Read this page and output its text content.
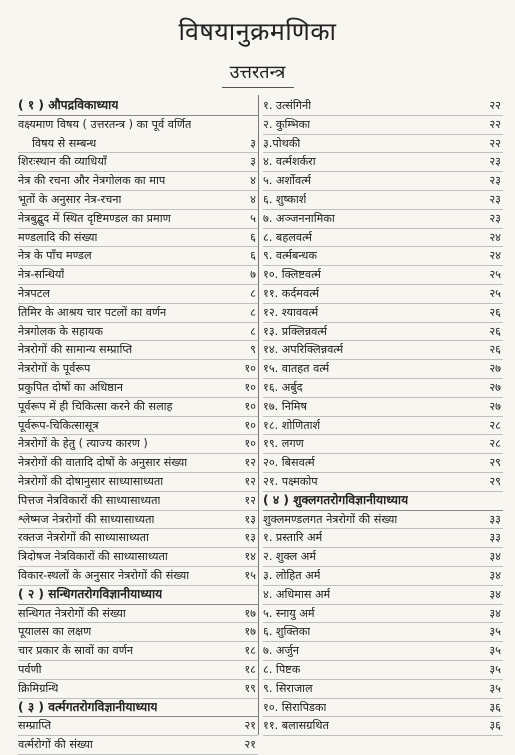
विषयानुक्रमणिका
उत्तरतन्त्र
( १ ) औपद्रविकाध्याय
वक्ष्यमाण विषय ( उत्तरतन्त्र ) का पूर्व वर्णित
विषय से सम्बन्ध	३
शिरःस्थान की व्याधियाँ	३
नेत्र की रचना और नेत्रगोलक का माप	४
भूतों के अनुसार नेत्र-रचना	४
नेत्रबुद्बुद में स्थित दृष्टिमण्डल का प्रमाण	५
मण्डलादि की संख्या	६
नेत्र के पाँच मण्डल	६
नेत्र-सन्धियाँ	७
नेत्रपटल	८
तिमिर के आश्रय चार पटलों का वर्णन	८
नेत्रगोलक के सहायक	८
नेत्ररोगों की सामान्य सम्प्राप्ति	९
नेत्ररोगों के पूर्वरूप	१०
प्रकुपित दोषों का अधिष्ठान	१०
पूर्वरूप में ही चिकित्सा करने की सलाह	१०
पूर्वरूप-चिकित्सासूत्र	१०
नेत्ररोगों के हेतु ( त्याज्य कारण )	१०
नेत्ररोगों की वातादि दोषों के अनुसार संख्या	१२
नेत्ररोगों की दोषानुसार साध्यासाध्यता	१२
पित्तज नेत्रविकारों की साध्यासाध्यता	१२
श्लेष्मज नेत्ररोगों की साध्यासाध्यता	१३
रक्तज नेत्ररोगों की साध्यासाध्यता	१३
त्रिदोषज नेत्रविकारों की साध्यासाध्यता	१४
विकार-स्थलों के अनुसार नेत्ररोगों की संख्या	१५
( २ ) सन्धिगतरोगविज्ञानीयाध्याय
सन्धिगत नेत्ररोगों की संख्या	१७
पूयालस का लक्षण	१७
चार प्रकार के स्रावों का वर्णन	१८
पर्वणी	१८
क्रिमिग्रन्थि	१९
( ३ ) वर्त्मगतरोगविज्ञानीयाध्याय
सम्प्राप्ति	२१
वर्त्मरोगों की संख्या	२१
१. उत्संगिनी	२२
२. कुम्भिका	२२
३.पोथकी	२२
४. वर्त्मशर्करा	२३
५. अर्शोवर्त्म	२३
६. शुष्कार्श	२३
७. अञ्जननामिका	२३
८. बहलवर्त्म	२४
९. वर्त्मबन्धक	२४
१०. क्लिष्टवर्त्म	२५
११. कर्दमवर्त्म	२५
१२. श्याववर्त्म	२६
१३. प्रक्लिन्नवर्त्म	२६
१४. अपरिक्लिन्नवर्त्म	२६
१५. वातहत वर्त्म	२७
१६. अर्बुद	२७
१७. निमिष	२७
१८. शोणितार्श	२८
१९. लगण	२८
२०. बिसवर्त्म	२९
२१. पक्ष्मकोप	२९
( ४ ) शुक्लगतरोगविज्ञानीयाध्याय
शुक्लमण्डलगत नेत्ररोगों की संख्या	३३
१. प्रस्तारि अर्म	३३
२. शुक्ल अर्म	३४
३. लोहित अर्म	३४
४. अधिमास अर्म	३४
५. स्नायु अर्म	३४
६. शुक्तिका	३५
७. अर्जुन	३५
८. पिष्टक	३५
९. सिराजाल	३५
१०. सिरापिडका	३६
११. बलासग्रथित	३६
